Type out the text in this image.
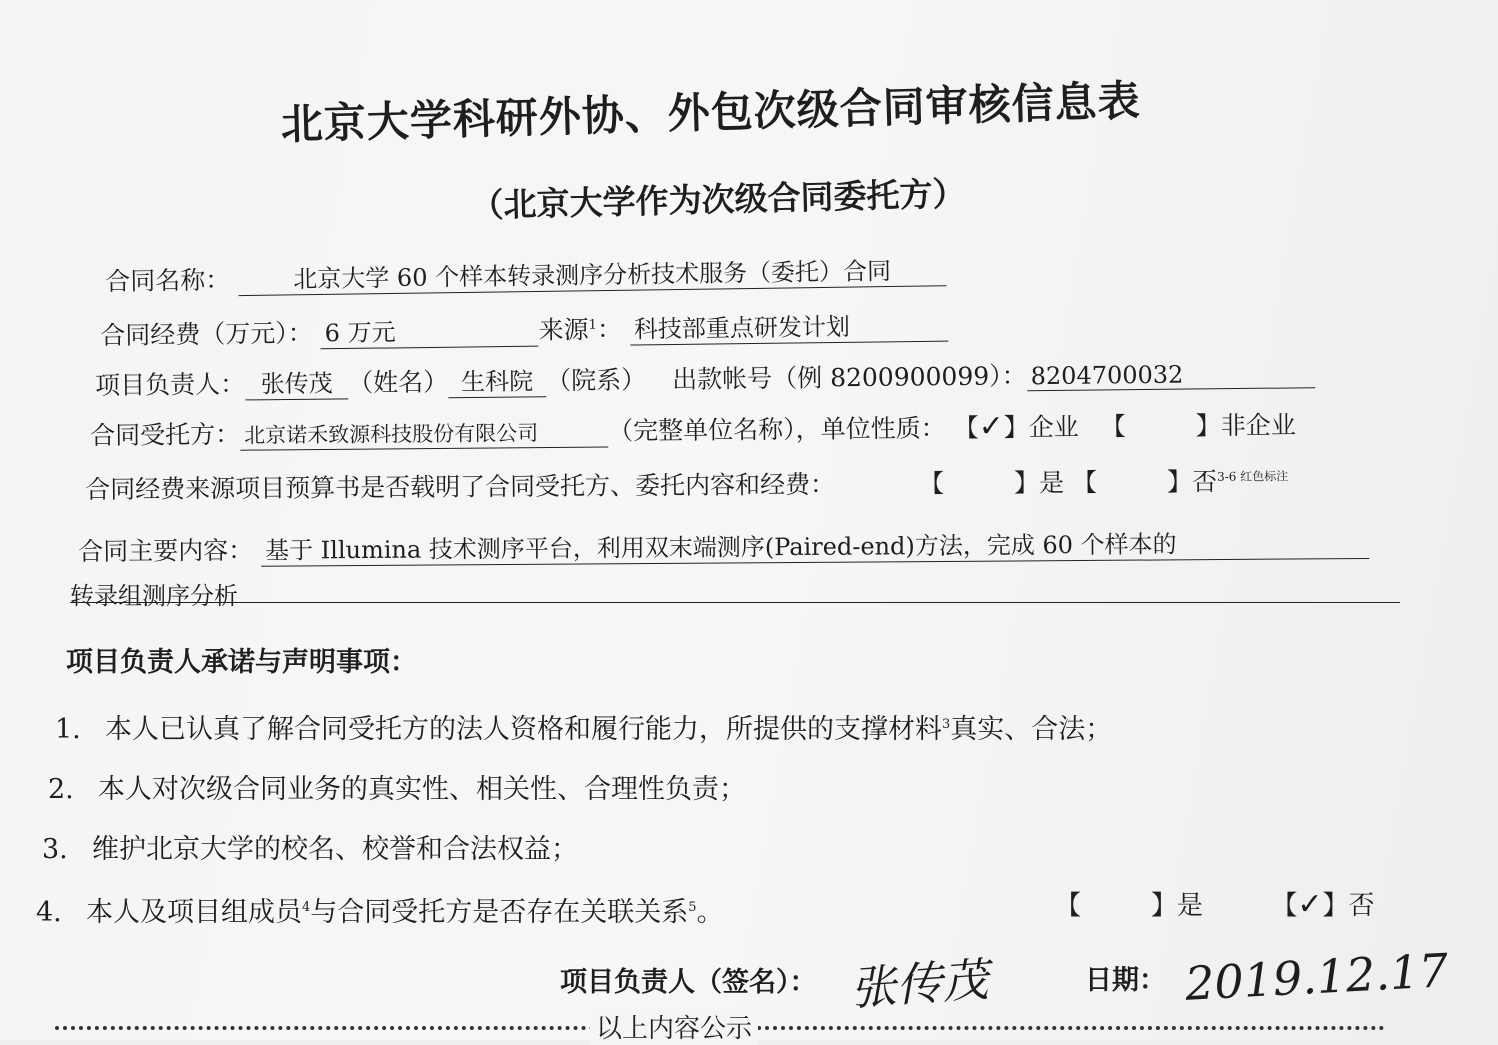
北京大学科研外协、外包次级合同审核信息表
（北京大学作为次级合同委托方）
合同名称：	北京大学 60 个样本转录测序分析技术服务（委托）合同
合同经费（万元）： 6 万元	来源$^1$： 科技部重点研发计划
项目负责人： 张传茂 （姓名） 生科院 （院系） 出款帐号（例 8200900099）： 8204700032
合同受托方： 北京诺禾致源科技股份有限公司	（完整单位名称），单位性质： 【✓】企业 【	】非企业
合同经费来源项目预算书是否载明了合同受托方、委托内容和经费：	【	】是 【	】否$^{3-6 红色标注}$
合同主要内容： 基于 Illumina 技术测序平台，利用双末端测序(Paired-end)方法，完成 60 个样本的
转录组测序分析
项目负责人承诺与声明事项：
1. 本人已认真了解合同受托方的法人资格和履行能力，所提供的支撑材料$^3$真实、合法；
2. 本人对次级合同业务的真实性、相关性、合理性负责；
3. 维护北京大学的校名、校誉和合法权益；
4. 本人及项目组成员$^4$与合同受托方是否存在关联关系$^5$。	【	】是	【✓】否
项目负责人（签名）： 张传茂	日期： 2019.12.17
以上内容公示
